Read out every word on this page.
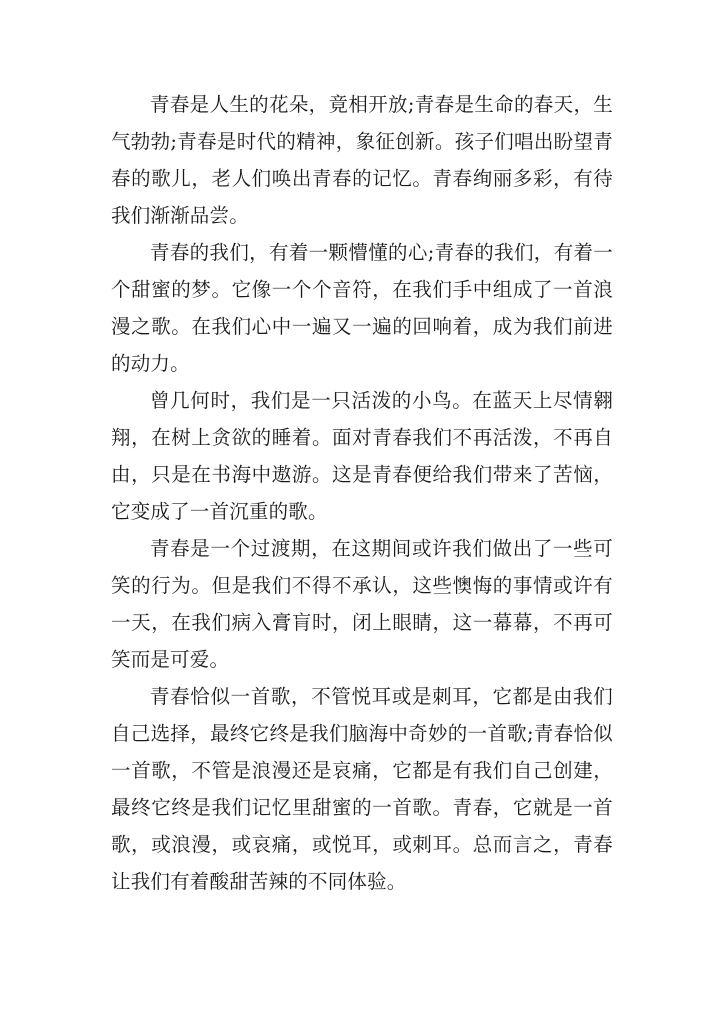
青春是人生的花朵，竟相开放;青春是生命的春天，生气勃勃;青春是时代的精神，象征创新。孩子们唱出盼望青春的歌儿，老人们唤出青春的记忆。青春绚丽多彩，有待我们渐渐品尝。

青春的我们，有着一颗懵懂的心;青春的我们，有着一个甜蜜的梦。它像一个个音符，在我们手中组成了一首浪漫之歌。在我们心中一遍又一遍的回响着，成为我们前进的动力。

曾几何时，我们是一只活泼的小鸟。在蓝天上尽情翱翔，在树上贪欲的睡着。面对青春我们不再活泼，不再自由，只是在书海中遨游。这是青春便给我们带来了苦恼，它变成了一首沉重的歌。

青春是一个过渡期，在这期间或许我们做出了一些可笑的行为。但是我们不得不承认，这些懊悔的事情或许有一天，在我们病入膏肓时，闭上眼睛，这一幕幕，不再可笑而是可爱。

青春恰似一首歌，不管悦耳或是刺耳，它都是由我们自己选择，最终它终是我们脑海中奇妙的一首歌;青春恰似一首歌，不管是浪漫还是哀痛，它都是有我们自己创建，最终它终是我们记忆里甜蜜的一首歌。青春，它就是一首歌，或浪漫，或哀痛，或悦耳，或刺耳。总而言之，青春让我们有着酸甜苦辣的不同体验。
